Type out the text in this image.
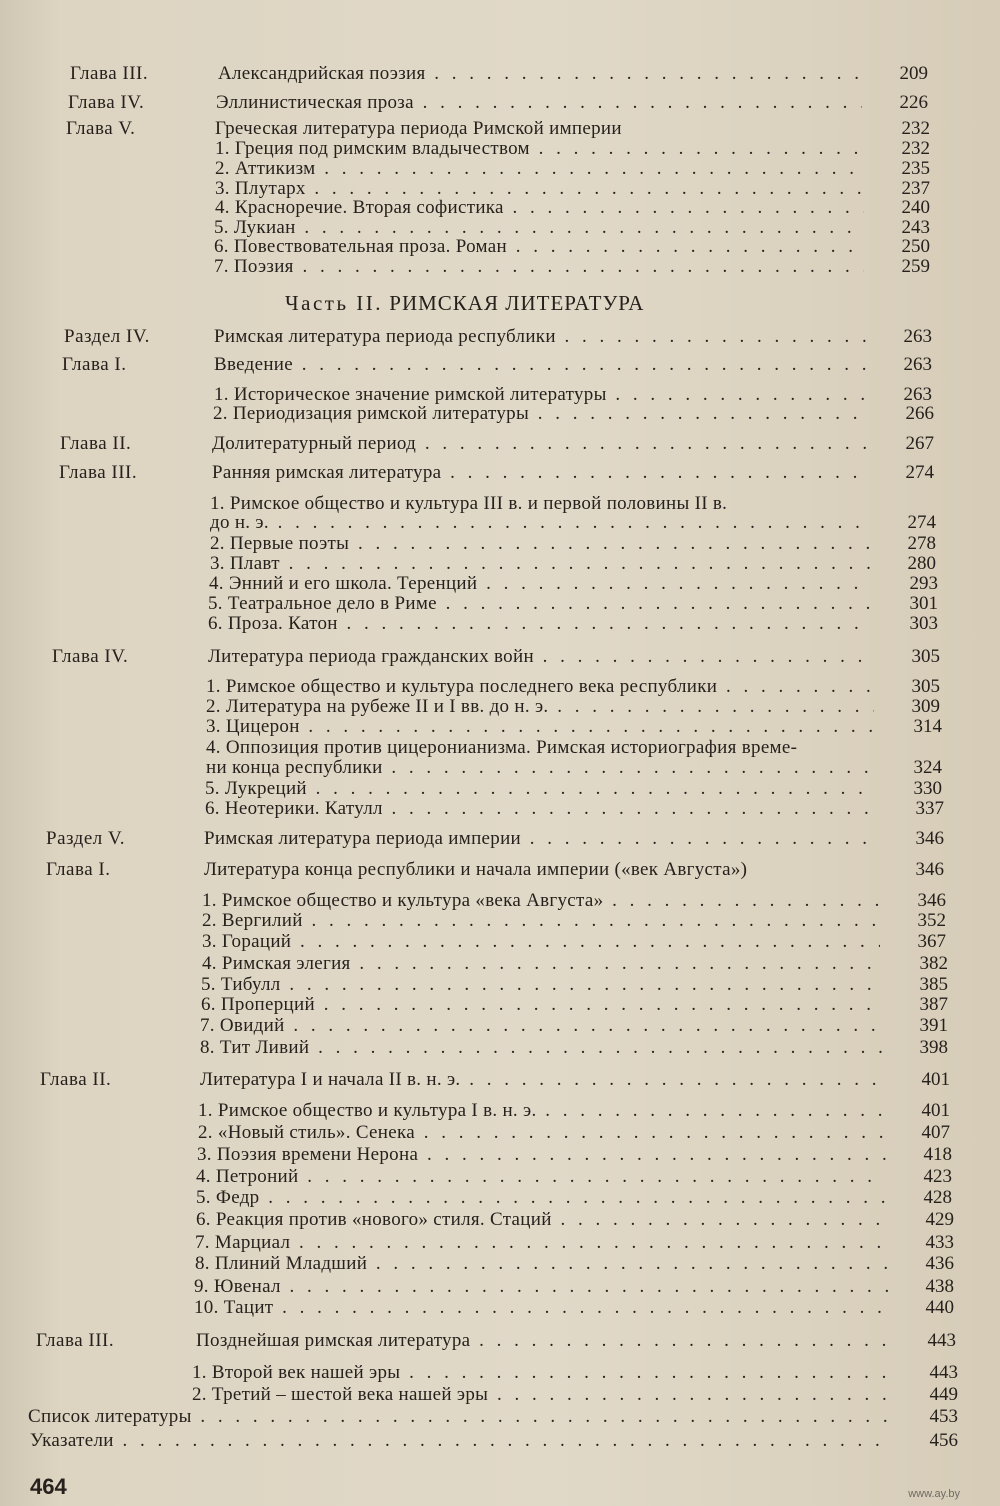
Глава III.	Александрийская поэзия . . .	209
Глава IV.	Эллинистическая проза . . .	226
Глава V.	Греческая литература периода Римской империи	232
1. Греция под римским владычеством . . .	232
2. Аттикизм . . .	235
3. Плутарх . . .	237
4. Красноречие. Вторая софистика . . .	240
5. Лукиан . . .	243
6. Повествовательная проза. Роман . . .	250
7. Поэзия . . .	259
Раздел IV.	Римская литература периода республики . . .	263
Глава I.	Введение . . .	263
1. Историческое значение римской литературы . . .	263
2. Периодизация римской литературы . . .	266
Глава II.	Долитературный период . . .	267
Глава III.	Ранняя римская литература . . .	274
1. Римское общество и культура III в. и первой половины II в.
до н. э. . . .	274
2. Первые поэты . . .	278
3. Плавт . . .	280
4. Энний и его школа. Теренций . . .	293
5. Театральное дело в Риме . . .	301
6. Проза. Катон . . .	303
Глава IV.	Литература периода гражданских войн . . .	305
1. Римское общество и культура последнего века республики . . .	305
2. Литература на рубеже II и I вв. до н. э. . . .	309
3. Цицерон . . .	314
4. Оппозиция против цицеронианизма. Римская историография време-
ни конца республики . . .	324
5. Лукреций . . .	330
6. Неотерики. Катулл . . .	337
Раздел V.	Римская литература периода империи . . .	346
Глава I.	Литература конца республики и начала империи («век Августа»)	346
1. Римское общество и культура «века Августа» . . .	346
2. Вергилий . . .	352
3. Гораций . . .	367
4. Римская элегия . . .	382
5. Тибулл . . .	385
6. Проперций . . .	387
7. Овидий . . .	391
8. Тит Ливий . . .	398
Глава II.	Литература I и начала II в. н. э. . . .	401
1. Римское общество и культура I в. н. э. . . .	401
2. «Новый стиль». Сенека . . .	407
3. Поэзия времени Нерона . . .	418
4. Петроний . . .	423
5. Федр . . .	428
6. Реакция против «нового» стиля. Стаций . . .	429
7. Марциал . . .	433
8. Плиний Младший . . .	436
9. Ювенал . . .	438
10. Тацит . . .	440
Глава III.	Позднейшая римская литература . . .	443
1. Второй век нашей эры . . .	443
2. Третий – шестой века нашей эры . . .	449
Список литературы . . .	453
Указатели . . .	456
Часть II. РИМСКАЯ ЛИТЕРАТУРА
464	www.ay.by
